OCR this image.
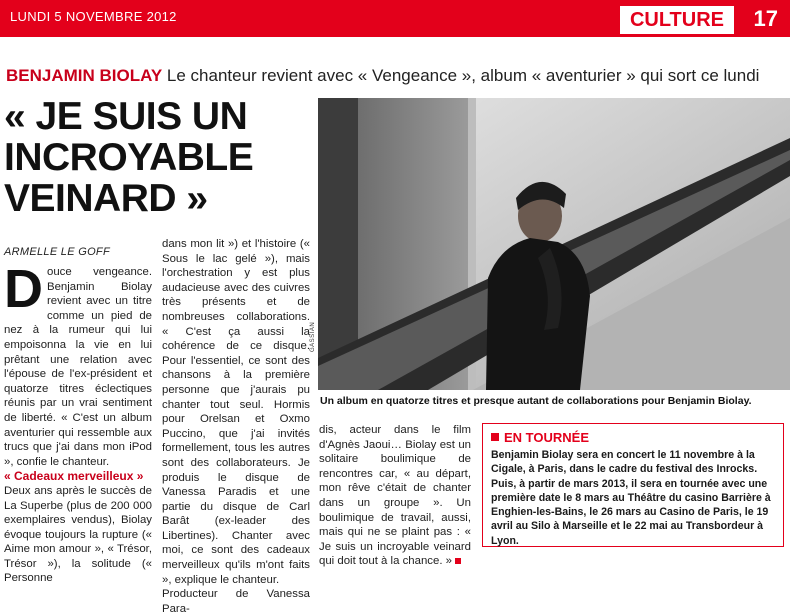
LUNDI 5 NOVEMBRE 2012	CULTURE	17
BENJAMIN BIOLAY Le chanteur revient avec « Vengeance », album « aventurier » qui sort ce lundi
« JE SUIS UN
INCROYABLE
VEINARD »
GASSIAN
Un album en quatorze titres et presque autant de collaborations pour Benjamin Biolay.
ARMELLE LE GOFF
D ouce vengeance. Benjamin Biolay revient avec un titre comme un pied de nez à la rumeur qui lui empoisonna la vie en lui prêtant une relation avec l'épouse de l'ex-président et quatorze titres éclectiques réunis par un vrai sentiment de liberté. « C'est un album aventurier qui ressemble aux trucs que j'ai dans mon iPod », confie le chanteur.

« Cadeaux merveilleux »

Deux ans après le succès de La Superbe (plus de 200 000 exemplaires vendus), Biolay évoque toujours la rupture (« Aime mon amour », « Trésor, Trésor »), la solitude (« Personne

dans mon lit ») et l'histoire (« Sous le lac gelé »), mais l'orchestration y est plus audacieuse avec des cuivres très présents et de nombreuses collaborations. « C'est ça aussi la cohérence de ce disque. Pour l'essentiel, ce sont des chansons à la première personne que j'aurais pu chanter tout seul. Hormis pour Orelsan et Oxmo Puccino, que j'ai invités formellement, tous les autres sont des collaborateurs. Je produis le disque de Vanessa Paradis et une partie du disque de Carl Barât (ex-leader des Libertines). Chanter avec moi, ce sont des cadeaux merveilleux qu'ils m'ont faits », explique le chanteur.

Producteur de Vanessa Para-

dis, acteur dans le film d'Agnès Jaoui… Biolay est un solitaire boulimique de rencontres car, « au départ, mon rêve c'était de chanter dans un groupe ». Un boulimique de travail, aussi, mais qui ne se plaint pas : « Je suis un incroyable veinard qui doit tout à la chance. »

EN TOURNÉE
Benjamin Biolay sera en concert le 11 novembre à la Cigale, à Paris, dans le cadre du festival des Inrocks. Puis, à partir de mars 2013, il sera en tournée avec une première date le 8 mars au Théâtre du casino Barrière à Enghien-les-Bains, le 26 mars au Casino de Paris, le 19 avril au Silo à Marseille et le 22 mai au Transbordeur à Lyon.
